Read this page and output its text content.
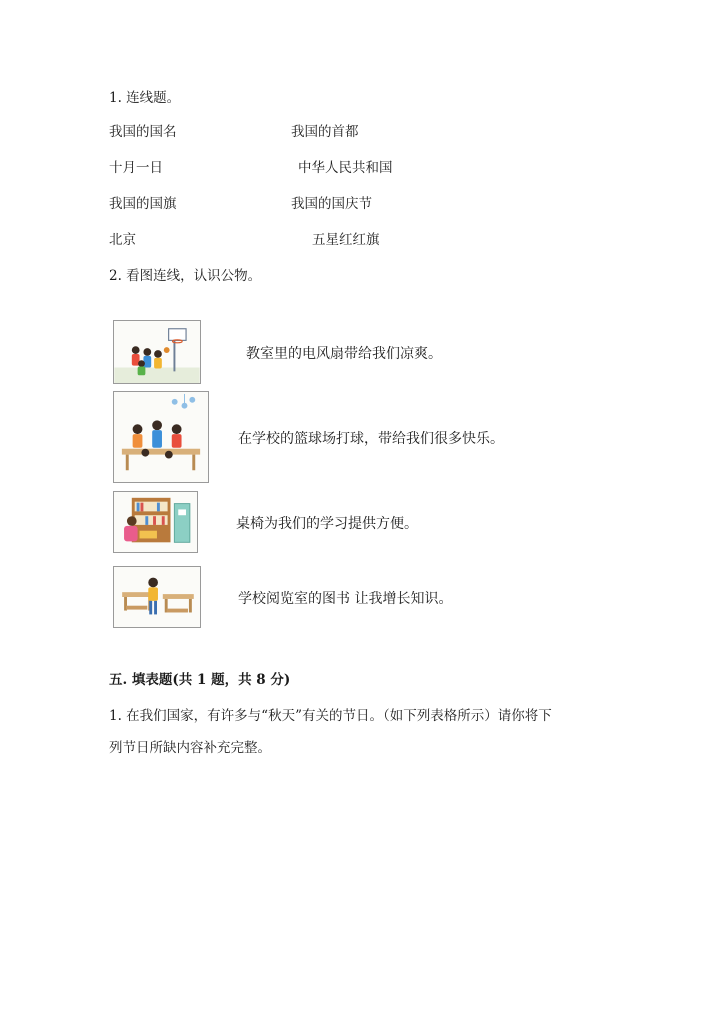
1. 连线题。
我国的国名	我国的首都
十月一日	中华人民共和国
我国的国旗	我国的国庆节
北京	五星红红旗
2. 看图连线，认识公物。
教室里的电风扇带给我们凉爽。
在学校的篮球场打球，带给我们很多快乐。
桌椅为我们的学习提供方便。
学校阅览室的图书 让我增长知识。
五. 填表题(共 1 题，共 8 分)
1. 在我们国家，有许多与“秋天”有关的节日。（如下列表格所示）请你将下
列节日所缺内容补充完整。
